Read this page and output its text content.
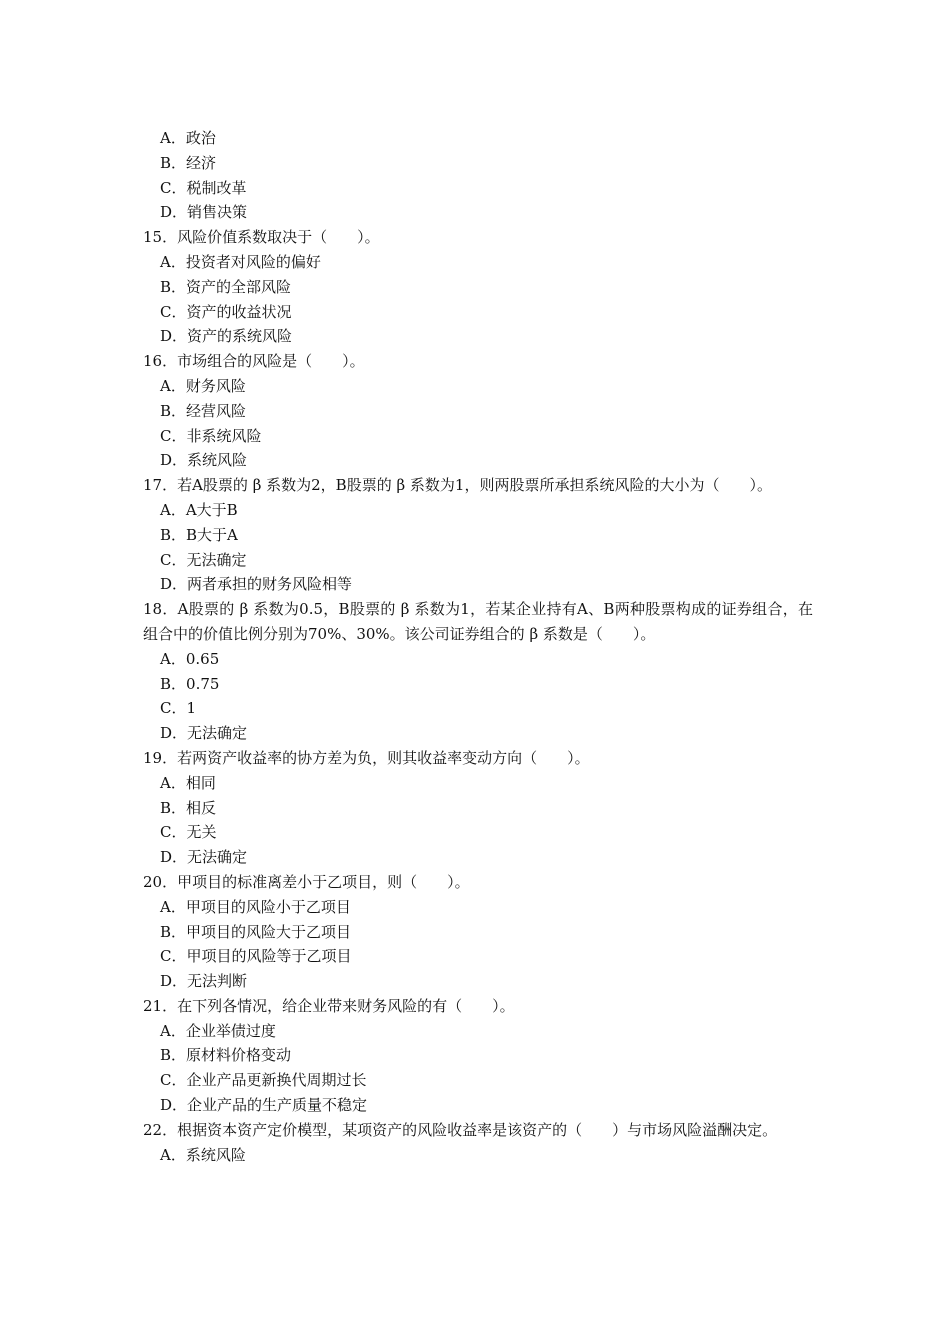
A．政治

B．经济

C．税制改革

D．销售决策

15．风险价值系数取决于（　　）。

A．投资者对风险的偏好

B．资产的全部风险

C．资产的收益状况

D．资产的系统风险

16．市场组合的风险是（　　）。

A．财务风险

B．经营风险

C．非系统风险

D．系统风险

17．若A股票的 β 系数为2，B股票的 β 系数为1，则两股票所承担系统风险的大小为（　　）。

A．A大于B

B．B大于A

C．无法确定

D．两者承担的财务风险相等

18．A股票的 β 系数为0.5，B股票的 β 系数为1，若某企业持有A、B两种股票构成的证券组合，在组合中的价值比例分别为70%、30%。该公司证券组合的 β 系数是（　　）。

A．0.65

B．0.75

C．1

D．无法确定

19．若两资产收益率的协方差为负，则其收益率变动方向（　　）。

A．相同

B．相反

C．无关

D．无法确定

20．甲项目的标准离差小于乙项目，则（　　）。

A．甲项目的风险小于乙项目

B．甲项目的风险大于乙项目

C．甲项目的风险等于乙项目

D．无法判断

21．在下列各情况，给企业带来财务风险的有（　　）。

A．企业举债过度

B．原材料价格变动

C．企业产品更新换代周期过长

D．企业产品的生产质量不稳定

22．根据资本资产定价模型，某项资产的风险收益率是该资产的（　　）与市场风险溢酬决定。

A．系统风险
